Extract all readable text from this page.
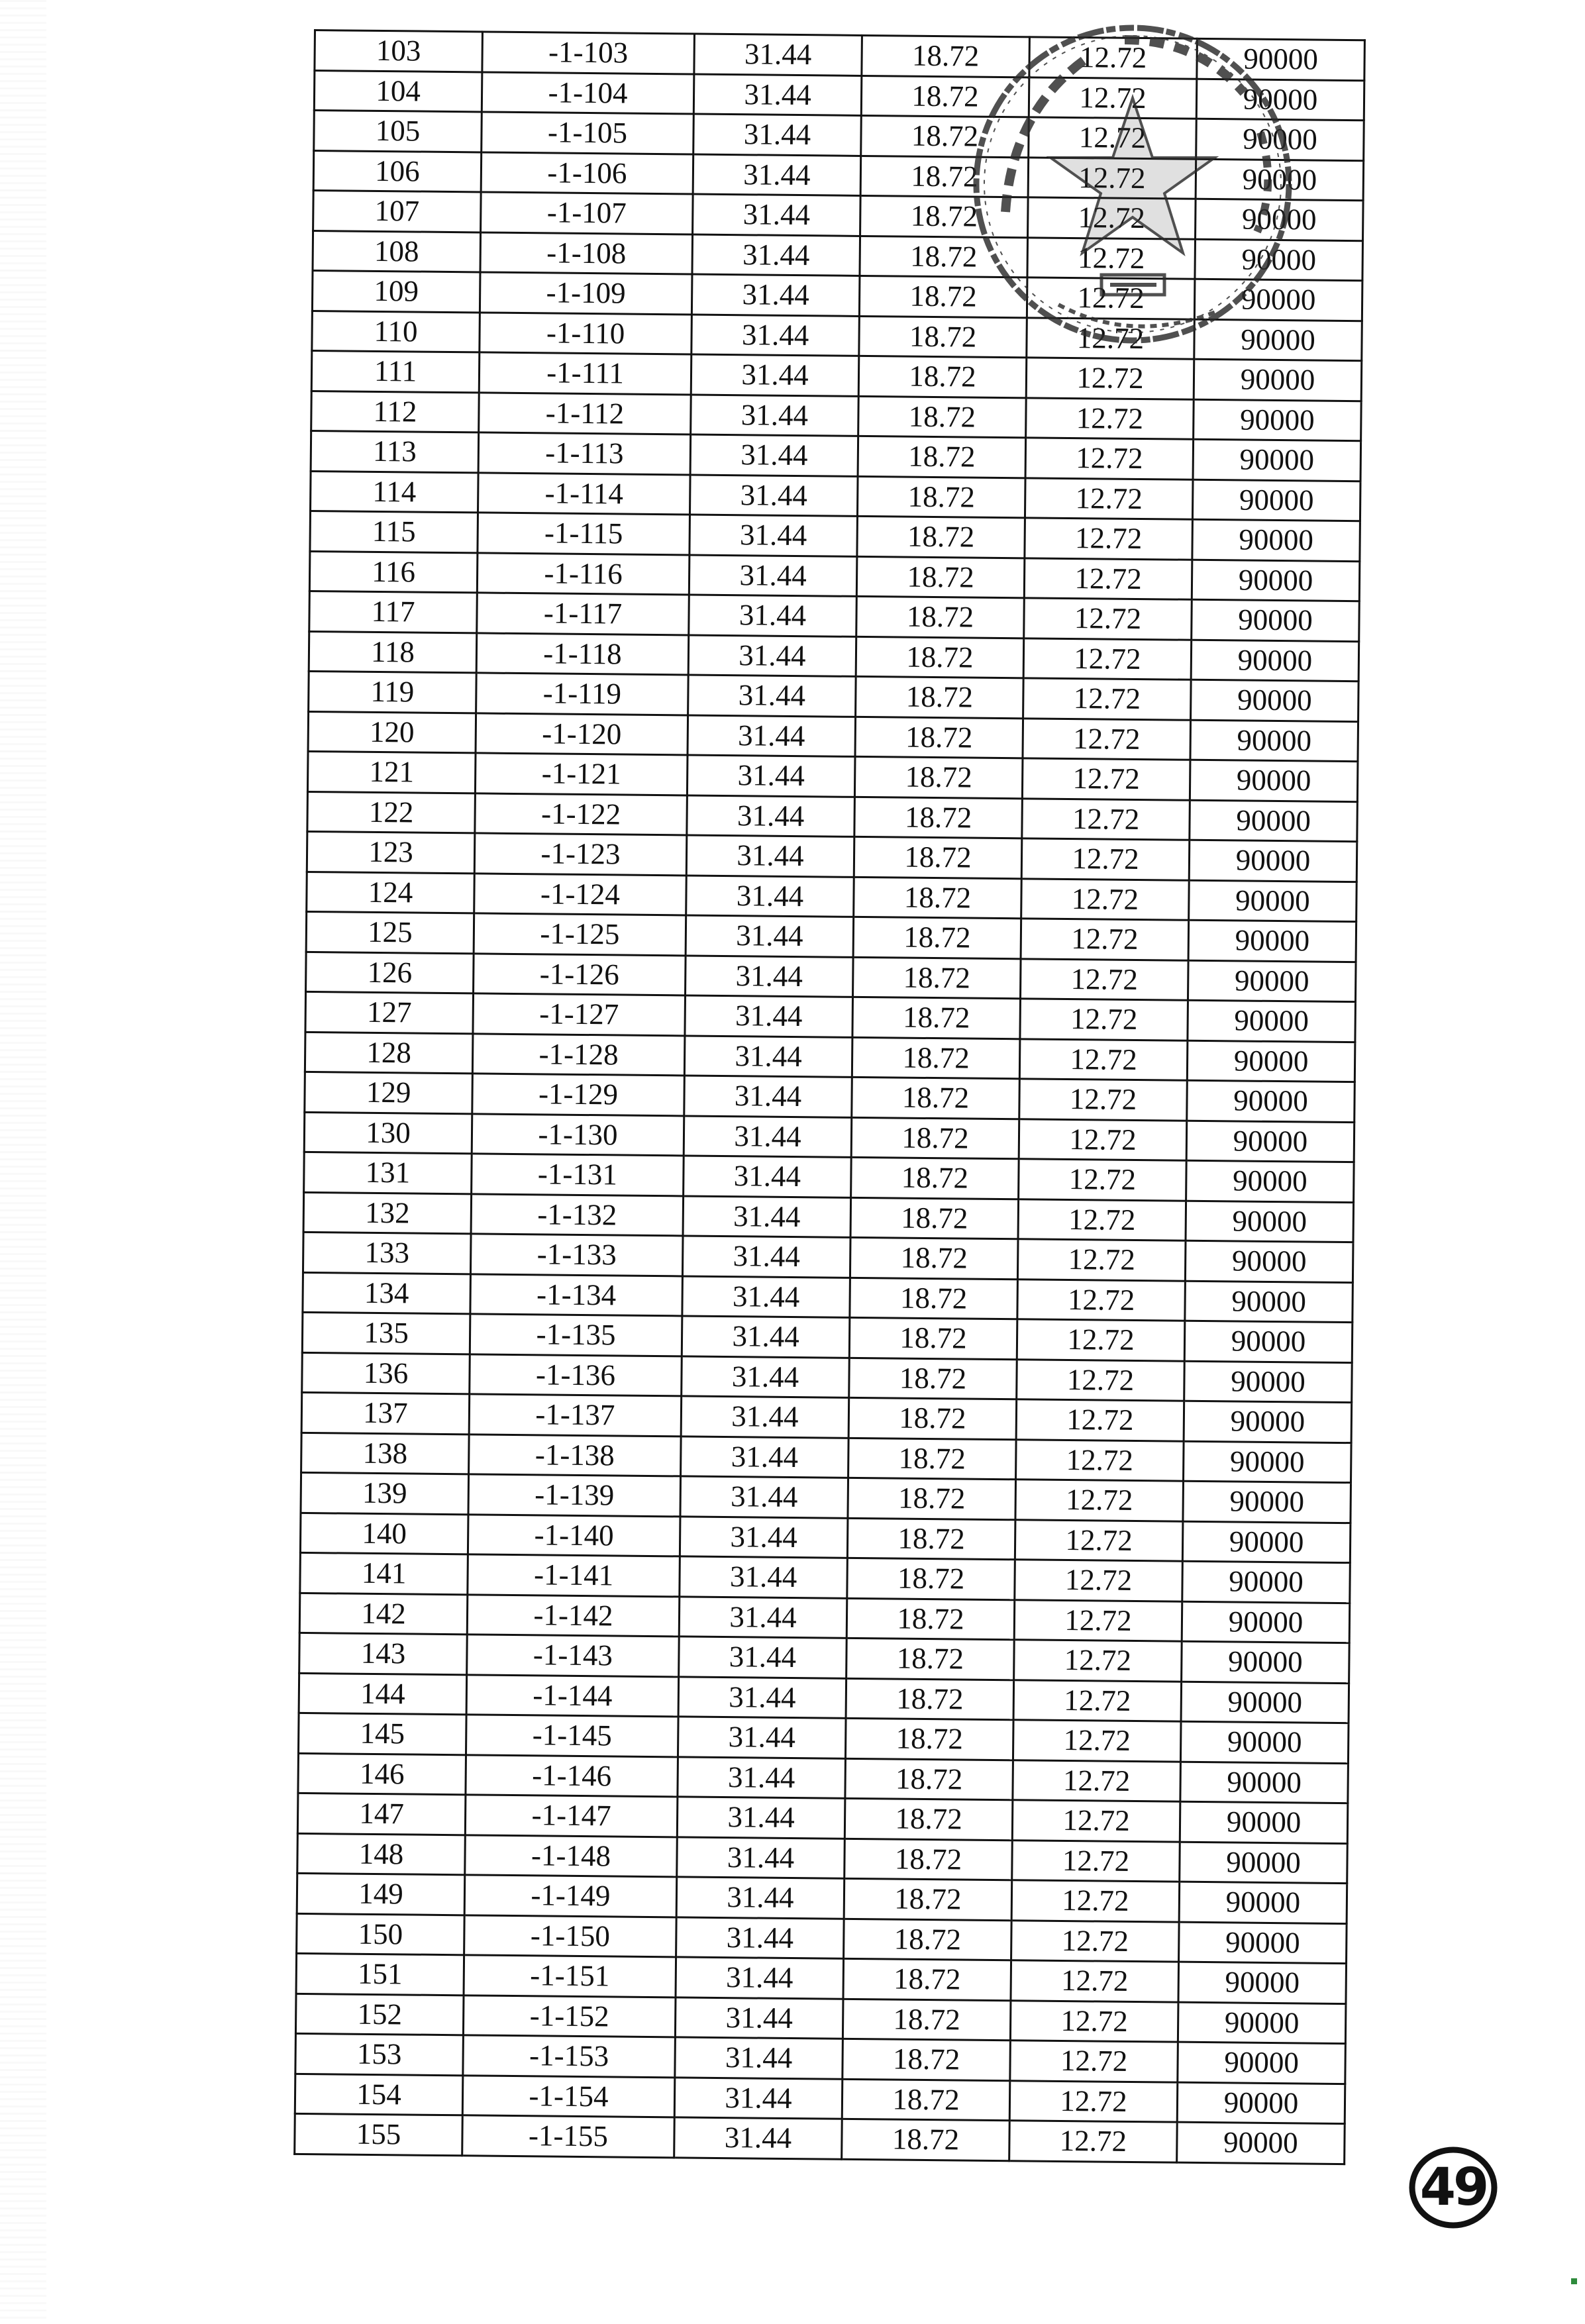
103	-1-103	31.44	18.72	12.72	90000
104	-1-104	31.44	18.72	12.72	90000
105	-1-105	31.44	18.72	12.72	90000
106	-1-106	31.44	18.72	12.72	90000
107	-1-107	31.44	18.72	12.72	90000
108	-1-108	31.44	18.72	12.72	90000
109	-1-109	31.44	18.72	12.72	90000
110	-1-110	31.44	18.72	12.72	90000
111	-1-111	31.44	18.72	12.72	90000
112	-1-112	31.44	18.72	12.72	90000
113	-1-113	31.44	18.72	12.72	90000
114	-1-114	31.44	18.72	12.72	90000
115	-1-115	31.44	18.72	12.72	90000
116	-1-116	31.44	18.72	12.72	90000
117	-1-117	31.44	18.72	12.72	90000
118	-1-118	31.44	18.72	12.72	90000
119	-1-119	31.44	18.72	12.72	90000
120	-1-120	31.44	18.72	12.72	90000
121	-1-121	31.44	18.72	12.72	90000
122	-1-122	31.44	18.72	12.72	90000
123	-1-123	31.44	18.72	12.72	90000
124	-1-124	31.44	18.72	12.72	90000
125	-1-125	31.44	18.72	12.72	90000
126	-1-126	31.44	18.72	12.72	90000
127	-1-127	31.44	18.72	12.72	90000
128	-1-128	31.44	18.72	12.72	90000
129	-1-129	31.44	18.72	12.72	90000
130	-1-130	31.44	18.72	12.72	90000
131	-1-131	31.44	18.72	12.72	90000
132	-1-132	31.44	18.72	12.72	90000
133	-1-133	31.44	18.72	12.72	90000
134	-1-134	31.44	18.72	12.72	90000
135	-1-135	31.44	18.72	12.72	90000
136	-1-136	31.44	18.72	12.72	90000
137	-1-137	31.44	18.72	12.72	90000
138	-1-138	31.44	18.72	12.72	90000
139	-1-139	31.44	18.72	12.72	90000
140	-1-140	31.44	18.72	12.72	90000
141	-1-141	31.44	18.72	12.72	90000
142	-1-142	31.44	18.72	12.72	90000
143	-1-143	31.44	18.72	12.72	90000
144	-1-144	31.44	18.72	12.72	90000
145	-1-145	31.44	18.72	12.72	90000
146	-1-146	31.44	18.72	12.72	90000
147	-1-147	31.44	18.72	12.72	90000
148	-1-148	31.44	18.72	12.72	90000
149	-1-149	31.44	18.72	12.72	90000
150	-1-150	31.44	18.72	12.72	90000
151	-1-151	31.44	18.72	12.72	90000
152	-1-152	31.44	18.72	12.72	90000
153	-1-153	31.44	18.72	12.72	90000
154	-1-154	31.44	18.72	12.72	90000
155	-1-155	31.44	18.72	12.72	90000
49
